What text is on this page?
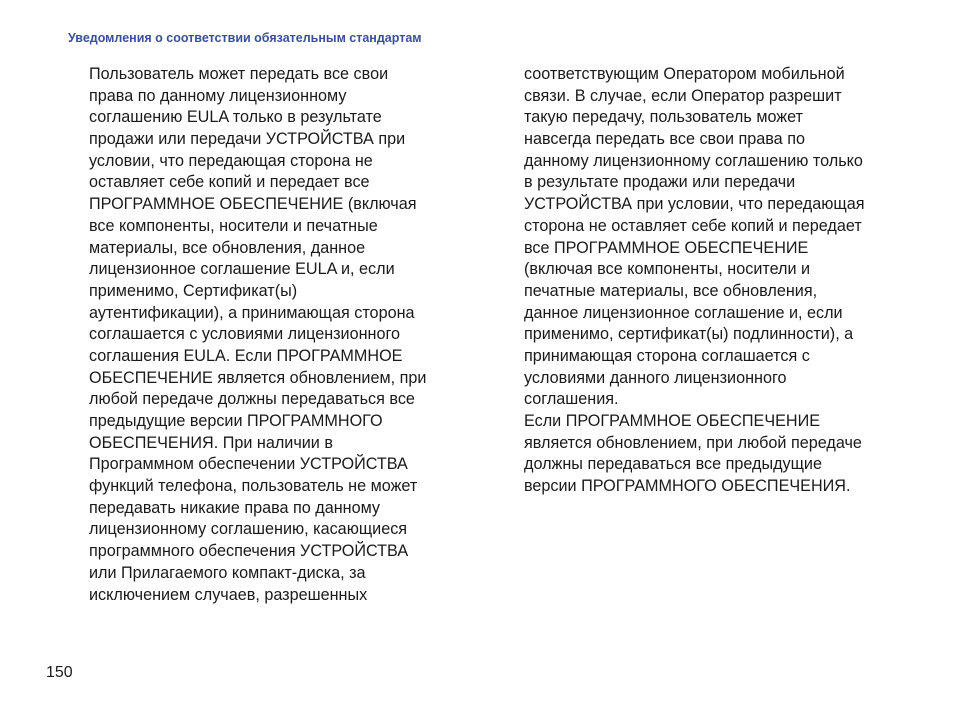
Уведомления о соответствии обязательным стандартам
Пользователь может передать все свои
права по данному лицензионному
соглашению EULA только в результате
продажи или передачи УСТРОЙСТВА при
условии, что передающая сторона не
оставляет себе копий и передает все
ПРОГРАММНОЕ ОБЕСПЕЧЕНИЕ (включая
все компоненты, носители и печатные
материалы, все обновления, данное
лицензионное соглашение EULA и, если
применимо, Сертификат(ы)
аутентификации), а принимающая сторона
соглашается с условиями лицензионного
соглашения EULA. Если ПРОГРАММНОЕ
ОБЕСПЕЧЕНИЕ является обновлением, при
любой передаче должны передаваться все
предыдущие версии ПРОГРАММНОГО
ОБЕСПЕЧЕНИЯ. При наличии в
Программном обеспечении УСТРОЙСТВА
функций телефона, пользователь не может
передавать никакие права по данному
лицензионному соглашению, касающиеся
программного обеспечения УСТРОЙСТВА
или Прилагаемого компакт-диска, за
исключением случаев, разрешенных
соответствующим Оператором мобильной
связи. В случае, если Оператор разрешит
такую передачу, пользователь может
навсегда передать все свои права по
данному лицензионному соглашению только
в результате продажи или передачи
УСТРОЙСТВА при условии, что передающая
сторона не оставляет себе копий и передает
все ПРОГРАММНОЕ ОБЕСПЕЧЕНИЕ
(включая все компоненты, носители и
печатные материалы, все обновления,
данное лицензионное соглашение и, если
применимо, сертификат(ы) подлинности), а
принимающая сторона соглашается с
условиями данного лицензионного
соглашения.
Если ПРОГРАММНОЕ ОБЕСПЕЧЕНИЕ
является обновлением, при любой передаче
должны передаваться все предыдущие
версии ПРОГРАММНОГО ОБЕСПЕЧЕНИЯ.
150
